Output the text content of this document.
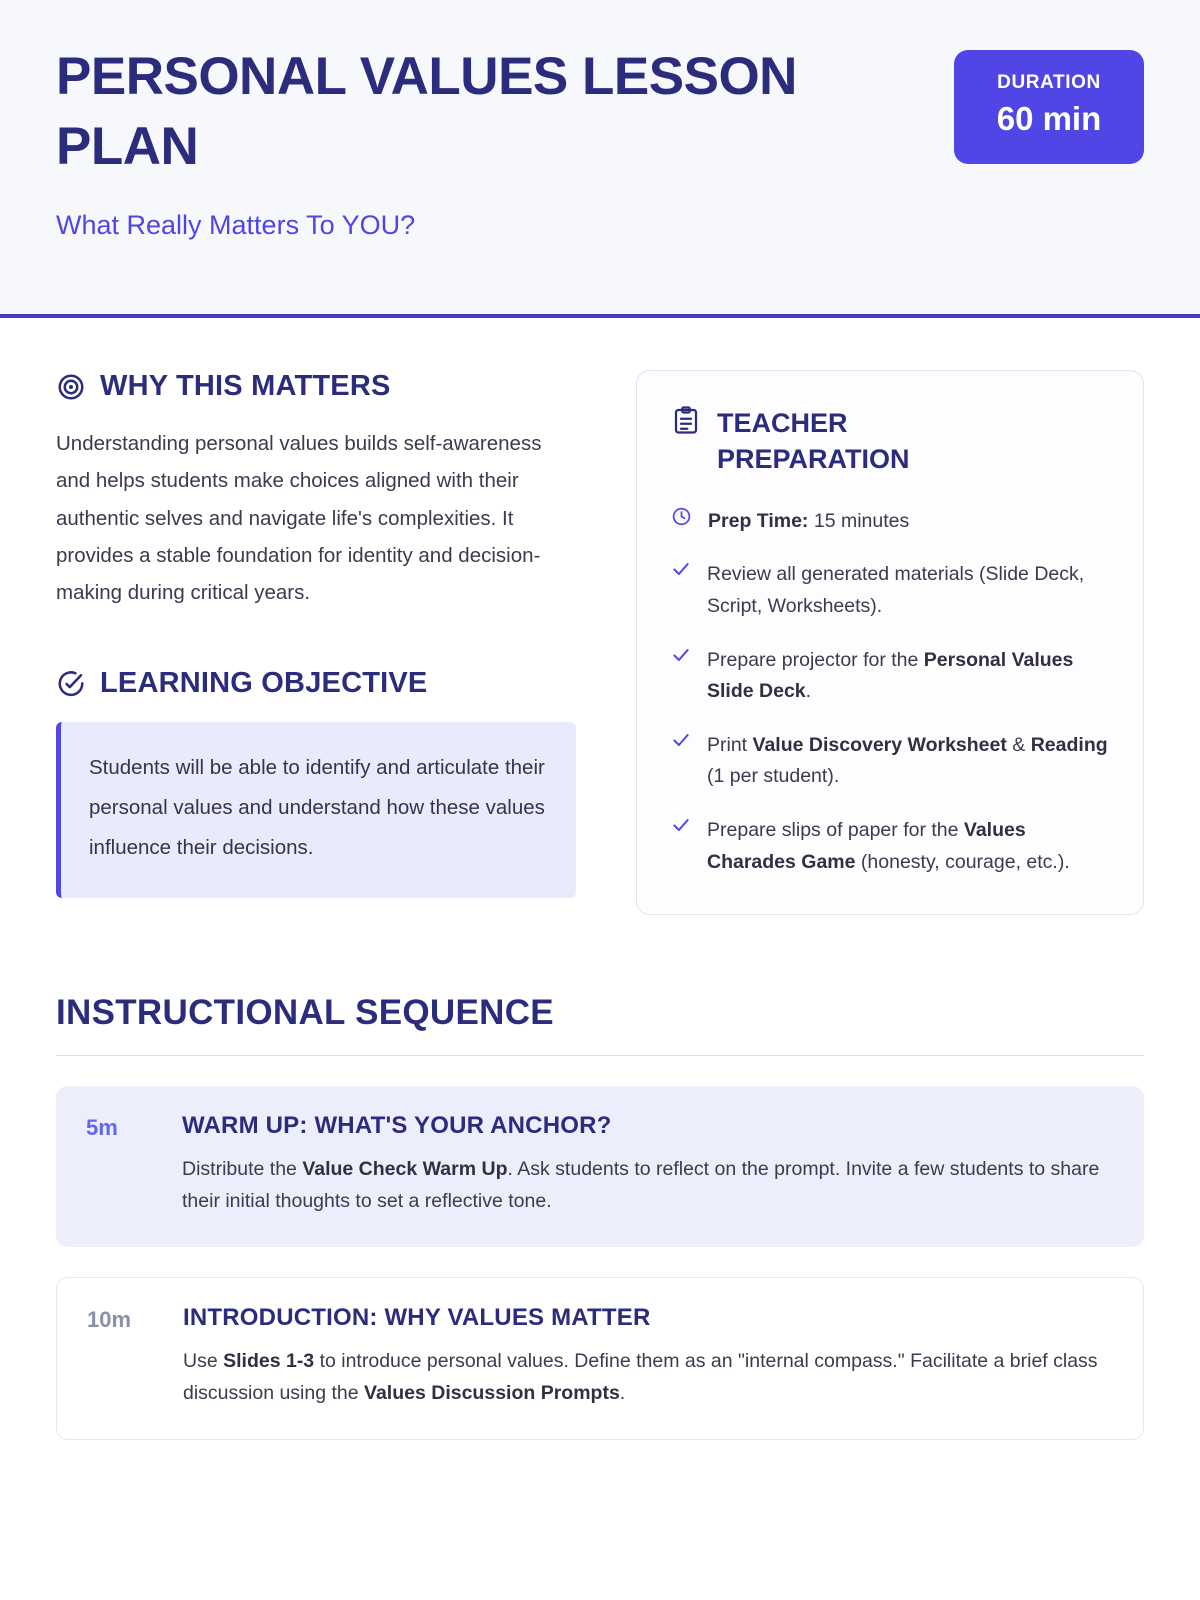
PERSONAL VALUES LESSON PLAN
What Really Matters To YOU?
DURATION
60 min
WHY THIS MATTERS

Understanding personal values builds self-awareness and helps students make choices aligned with their authentic selves and navigate life's complexities. It provides a stable foundation for identity and decision-making during critical years.

LEARNING OBJECTIVE
Students will be able to identify and articulate their personal values and understand how these values influence their decisions.
TEACHER PREPARATION
Prep Time: 15 minutes
Review all generated materials (Slide Deck, Script, Worksheets).
Prepare projector for the Personal Values Slide Deck.
Print Value Discovery Worksheet & Reading (1 per student).
Prepare slips of paper for the Values Charades Game (honesty, courage, etc.).
INSTRUCTIONAL SEQUENCE
5m	WARM UP: WHAT'S YOUR ANCHOR?
Distribute the Value Check Warm Up. Ask students to reflect on the prompt. Invite a few students to share their initial thoughts to set a reflective tone.
10m	INTRODUCTION: WHY VALUES MATTER
Use Slides 1-3 to introduce personal values. Define them as an "internal compass." Facilitate a brief class discussion using the Values Discussion Prompts.
